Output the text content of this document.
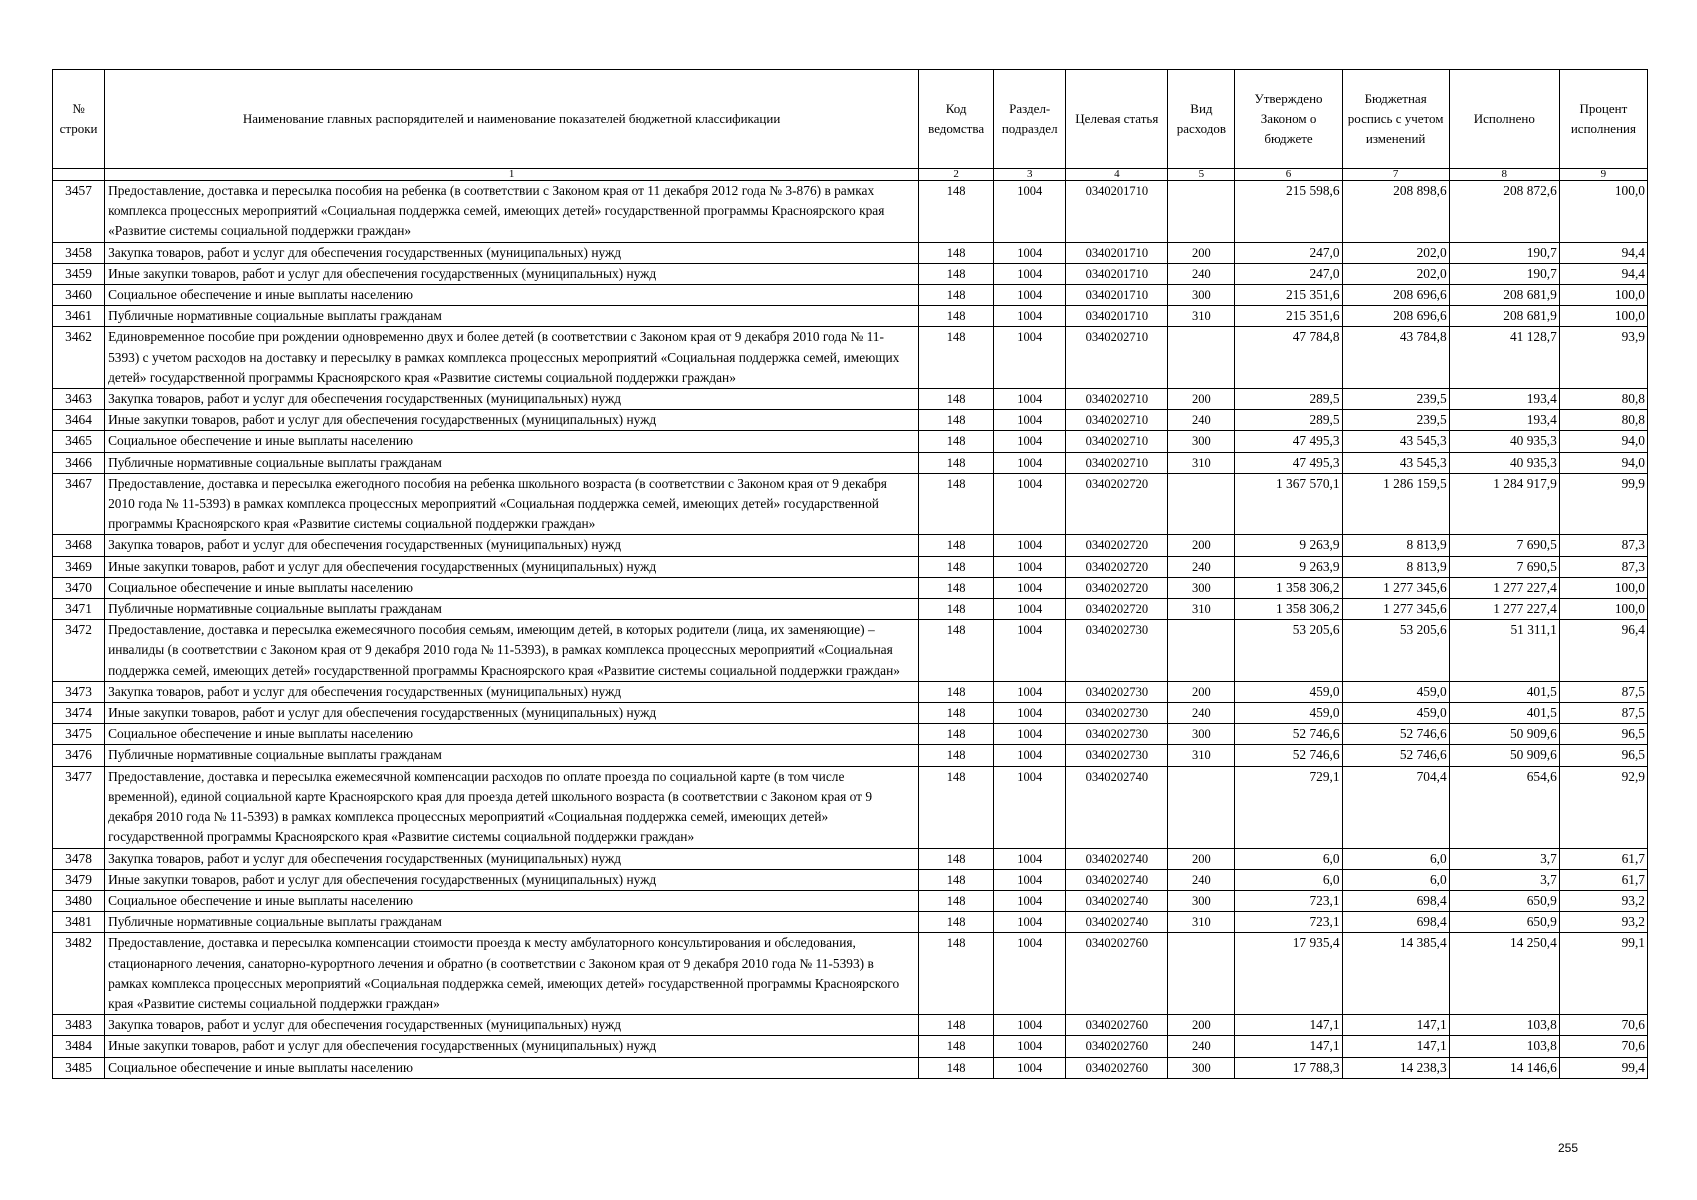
№ строки	Наименование главных распорядителей и наименование показателей бюджетной классификации	Код ведомства	Раздел-подраздел	Целевая статья	Вид расходов	Утверждено Законом о бюджете	Бюджетная роспись с учетом изменений	Исполнено	Процент исполнения
	1	2	3	4	5	6	7	8	9
3457	Предоставление, доставка и пересылка пособия на ребенка (в соответствии с Законом края от 11 декабря 2012 года № 3-876) в рамках комплекса процессных мероприятий «Социальная поддержка семей, имеющих детей» государственной программы Красноярского края «Развитие системы социальной поддержки граждан»	148	1004	0340201710		215 598,6	208 898,6	208 872,6	100,0
3458	Закупка товаров, работ и услуг для обеспечения государственных (муниципальных) нужд	148	1004	0340201710	200	247,0	202,0	190,7	94,4
3459	Иные закупки товаров, работ и услуг для обеспечения государственных (муниципальных) нужд	148	1004	0340201710	240	247,0	202,0	190,7	94,4
3460	Социальное обеспечение и иные выплаты населению	148	1004	0340201710	300	215 351,6	208 696,6	208 681,9	100,0
3461	Публичные нормативные социальные выплаты гражданам	148	1004	0340201710	310	215 351,6	208 696,6	208 681,9	100,0
3462	Единовременное пособие при рождении одновременно двух и более детей (в соответствии с Законом края от 9 декабря 2010 года № 11-5393) с учетом расходов на доставку и пересылку в рамках комплекса процессных мероприятий «Социальная поддержка семей, имеющих детей» государственной программы Красноярского края «Развитие системы социальной поддержки граждан»	148	1004	0340202710		47 784,8	43 784,8	41 128,7	93,9
3463	Закупка товаров, работ и услуг для обеспечения государственных (муниципальных) нужд	148	1004	0340202710	200	289,5	239,5	193,4	80,8
3464	Иные закупки товаров, работ и услуг для обеспечения государственных (муниципальных) нужд	148	1004	0340202710	240	289,5	239,5	193,4	80,8
3465	Социальное обеспечение и иные выплаты населению	148	1004	0340202710	300	47 495,3	43 545,3	40 935,3	94,0
3466	Публичные нормативные социальные выплаты гражданам	148	1004	0340202710	310	47 495,3	43 545,3	40 935,3	94,0
3467	Предоставление, доставка и пересылка ежегодного пособия на ребенка школьного возраста (в соответствии с Законом края от 9 декабря 2010 года № 11-5393) в рамках комплекса процессных мероприятий «Социальная поддержка семей, имеющих детей» государственной программы Красноярского края «Развитие системы социальной поддержки граждан»	148	1004	0340202720		1 367 570,1	1 286 159,5	1 284 917,9	99,9
3468	Закупка товаров, работ и услуг для обеспечения государственных (муниципальных) нужд	148	1004	0340202720	200	9 263,9	8 813,9	7 690,5	87,3
3469	Иные закупки товаров, работ и услуг для обеспечения государственных (муниципальных) нужд	148	1004	0340202720	240	9 263,9	8 813,9	7 690,5	87,3
3470	Социальное обеспечение и иные выплаты населению	148	1004	0340202720	300	1 358 306,2	1 277 345,6	1 277 227,4	100,0
3471	Публичные нормативные социальные выплаты гражданам	148	1004	0340202720	310	1 358 306,2	1 277 345,6	1 277 227,4	100,0
3472	Предоставление, доставка и пересылка ежемесячного пособия семьям, имеющим детей, в которых родители (лица, их заменяющие) – инвалиды (в соответствии с Законом края от 9 декабря 2010 года № 11-5393), в рамках комплекса процессных мероприятий «Социальная поддержка семей, имеющих детей» государственной программы Красноярского края «Развитие системы социальной поддержки граждан»	148	1004	0340202730		53 205,6	53 205,6	51 311,1	96,4
3473	Закупка товаров, работ и услуг для обеспечения государственных (муниципальных) нужд	148	1004	0340202730	200	459,0	459,0	401,5	87,5
3474	Иные закупки товаров, работ и услуг для обеспечения государственных (муниципальных) нужд	148	1004	0340202730	240	459,0	459,0	401,5	87,5
3475	Социальное обеспечение и иные выплаты населению	148	1004	0340202730	300	52 746,6	52 746,6	50 909,6	96,5
3476	Публичные нормативные социальные выплаты гражданам	148	1004	0340202730	310	52 746,6	52 746,6	50 909,6	96,5
3477	Предоставление, доставка и пересылка ежемесячной компенсации расходов по оплате проезда по социальной карте (в том числе временной), единой социальной карте Красноярского края для проезда детей школьного возраста (в соответствии с Законом края от 9 декабря 2010 года № 11-5393) в рамках комплекса процессных мероприятий «Социальная поддержка семей, имеющих детей» государственной программы Красноярского края «Развитие системы социальной поддержки граждан»	148	1004	0340202740		729,1	704,4	654,6	92,9
3478	Закупка товаров, работ и услуг для обеспечения государственных (муниципальных) нужд	148	1004	0340202740	200	6,0	6,0	3,7	61,7
3479	Иные закупки товаров, работ и услуг для обеспечения государственных (муниципальных) нужд	148	1004	0340202740	240	6,0	6,0	3,7	61,7
3480	Социальное обеспечение и иные выплаты населению	148	1004	0340202740	300	723,1	698,4	650,9	93,2
3481	Публичные нормативные социальные выплаты гражданам	148	1004	0340202740	310	723,1	698,4	650,9	93,2
3482	Предоставление, доставка и пересылка компенсации стоимости проезда к месту амбулаторного консультирования и обследования, стационарного лечения, санаторно-курортного лечения и обратно (в соответствии с Законом края от 9 декабря 2010 года № 11-5393) в рамках комплекса процессных мероприятий «Социальная поддержка семей, имеющих детей» государственной программы Красноярского края «Развитие системы социальной поддержки граждан»	148	1004	0340202760		17 935,4	14 385,4	14 250,4	99,1
3483	Закупка товаров, работ и услуг для обеспечения государственных (муниципальных) нужд	148	1004	0340202760	200	147,1	147,1	103,8	70,6
3484	Иные закупки товаров, работ и услуг для обеспечения государственных (муниципальных) нужд	148	1004	0340202760	240	147,1	147,1	103,8	70,6
3485	Социальное обеспечение и иные выплаты населению	148	1004	0340202760	300	17 788,3	14 238,3	14 146,6	99,4
255
